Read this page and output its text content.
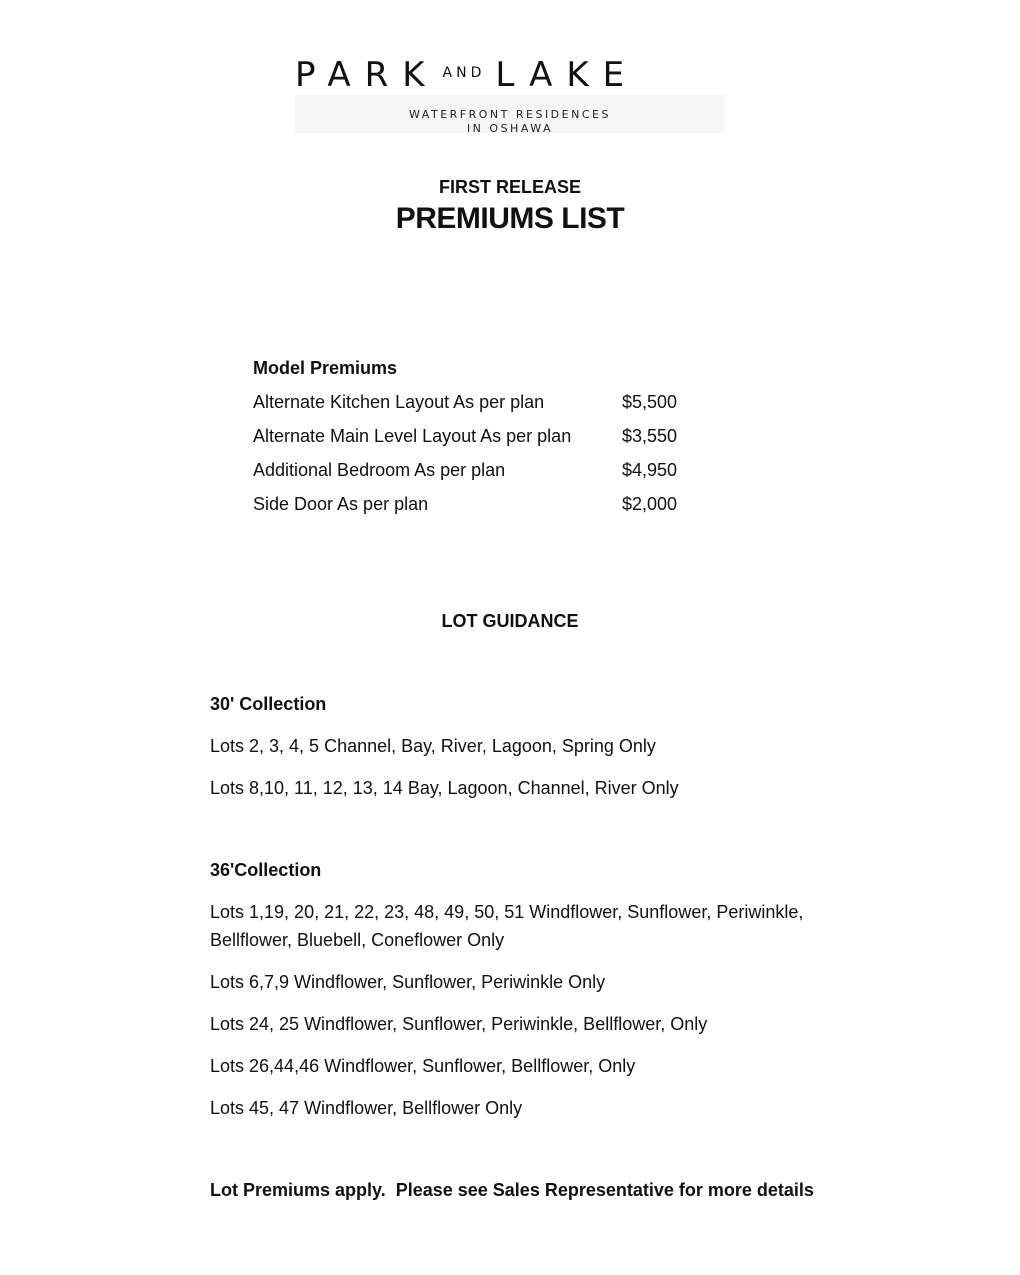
PARK AND LAKE
WATERFRONT RESIDENCES
IN OSHAWA
FIRST RELEASE
PREMIUMS LIST
Model Premiums
Alternate Kitchen Layout As per plan	$5,500
Alternate Main Level Layout As per plan	$3,550
Additional Bedroom As per plan	$4,950
Side Door As per plan	$2,000
LOT GUIDANCE
30' Collection
Lots 2, 3, 4, 5 Channel, Bay, River, Lagoon, Spring Only
Lots 8,10, 11, 12, 13, 14 Bay, Lagoon, Channel, River Only
36'Collection
Lots 1,19, 20, 21, 22, 23, 48, 49, 50, 51 Windflower, Sunflower, Periwinkle, Bellflower, Bluebell, Coneflower Only
Lots 6,7,9 Windflower, Sunflower, Periwinkle Only
Lots 24, 25 Windflower, Sunflower, Periwinkle, Bellflower, Only
Lots 26,44,46 Windflower, Sunflower, Bellflower, Only
Lots 45, 47 Windflower, Bellflower Only
Lot Premiums apply.  Please see Sales Representative for more details
